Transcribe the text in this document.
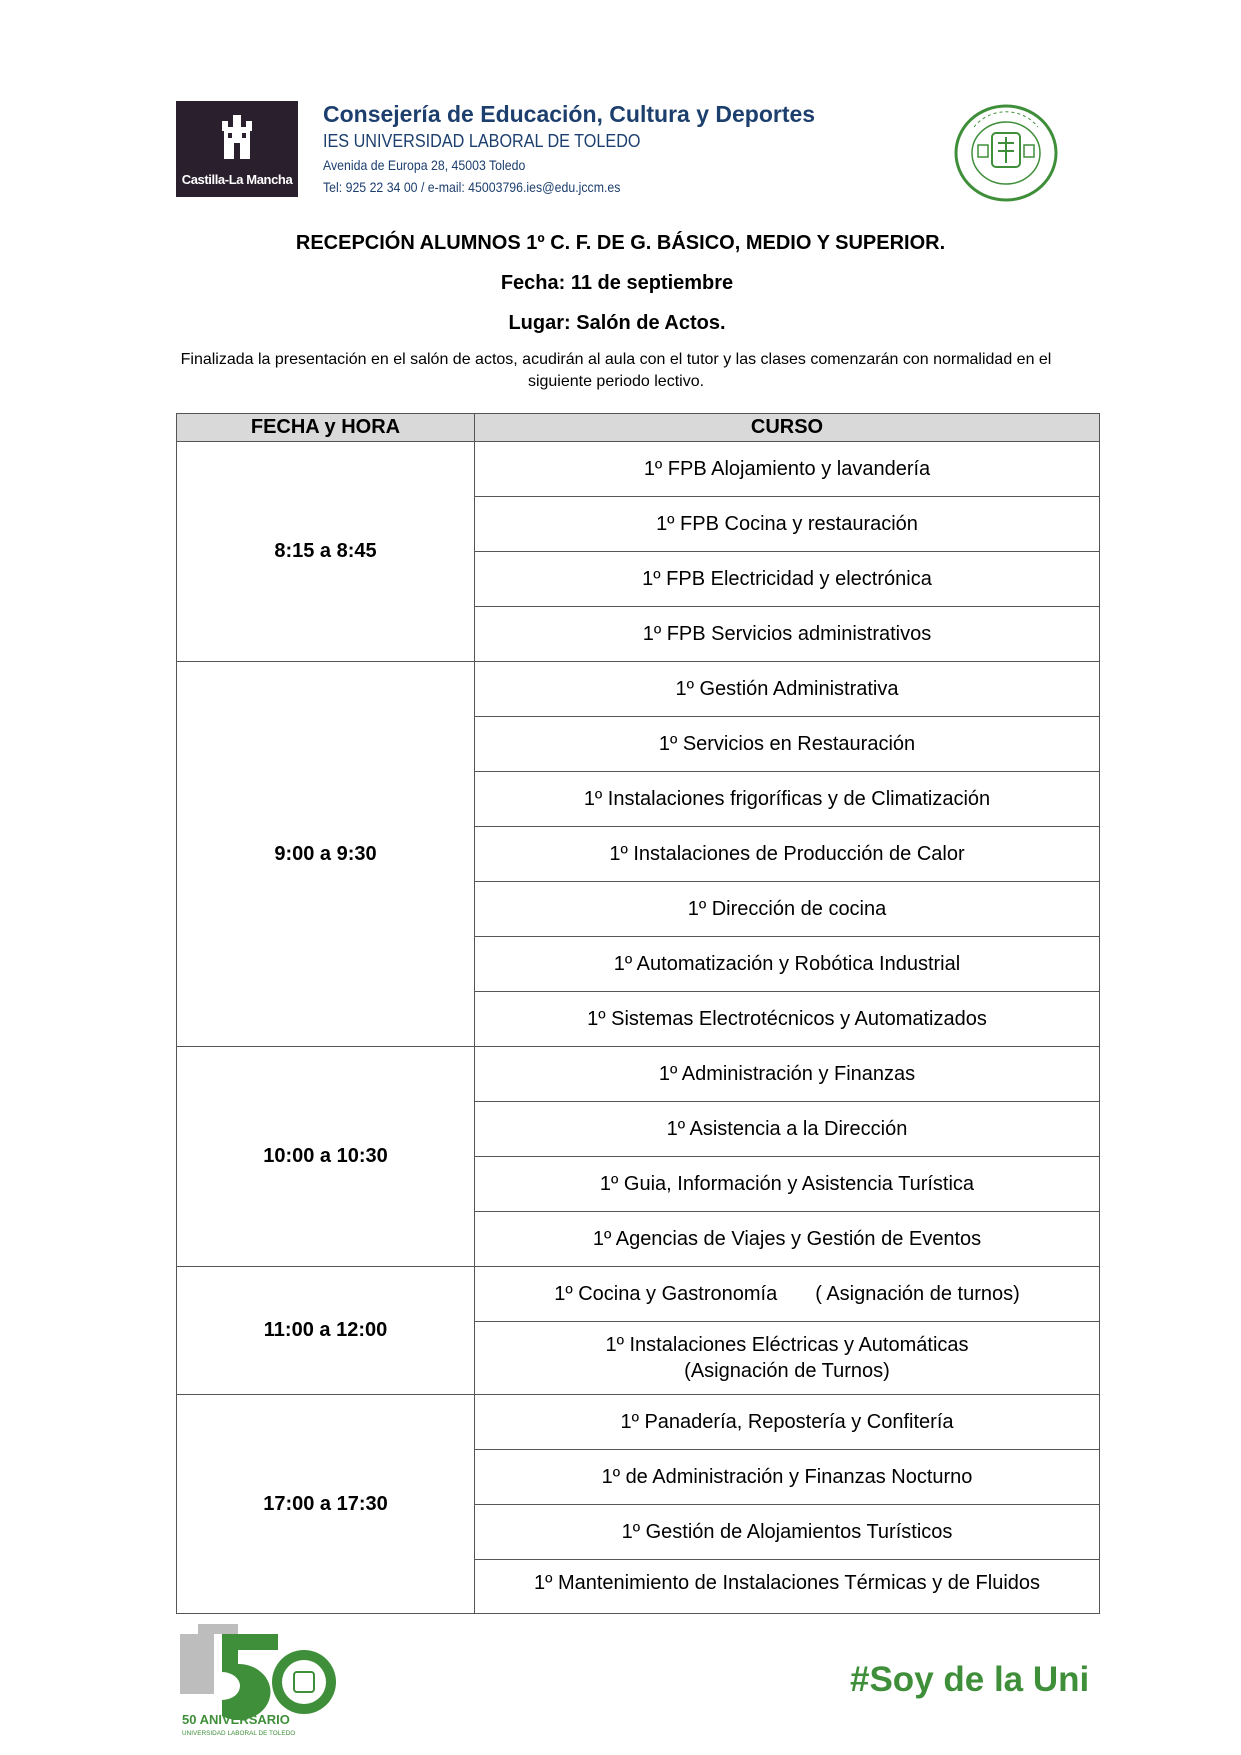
Castilla-La Mancha
Consejería de Educación, Cultura y Deportes
IES UNIVERSIDAD LABORAL DE TOLEDO
Avenida de Europa 28, 45003 Toledo
Tel: 925 22 34 00 / e-mail: 45003796.ies@edu.jccm.es
RECEPCIÓN ALUMNOS 1º C. F. DE G. BÁSICO, MEDIO Y SUPERIOR.
Fecha: 11 de septiembre
Lugar: Salón de Actos.
Finalizada la presentación en el salón de actos, acudirán al aula con el tutor y las clases comenzarán con normalidad en el siguiente periodo lectivo.
FECHA y HORA	CURSO
8:15 a 8:45	1º FPB Alojamiento y lavandería
	1º FPB Cocina y restauración
	1º FPB Electricidad y electrónica
	1º FPB Servicios administrativos
9:00 a 9:30	1º Gestión Administrativa
	1º Servicios en Restauración
	1º Instalaciones frigoríficas y de Climatización
	1º Instalaciones de Producción de Calor
	1º Dirección de cocina
	1º Automatización y Robótica Industrial
	1º Sistemas Electrotécnicos y Automatizados
10:00 a 10:30	1º Administración y Finanzas
	1º Asistencia a la Dirección
	1º Guia, Información y Asistencia Turística
	1º Agencias de Viajes y Gestión de Eventos
11:00 a 12:00	1º Cocina y Gastronomía ( Asignación de turnos)

	1º Instalaciones Eléctricas y Automáticas
(Asignación de Turnos)

17:00 a 17:30	1º Panadería, Repostería y Confitería
	1º de Administración y Finanzas Nocturno
	1º Gestión de Alojamientos Turísticos
	1º Mantenimiento de Instalaciones Térmicas y de Fluidos
50 ANIVERSARIO
UNIVERSIDAD LABORAL DE TOLEDO
#Soy de la Uni
